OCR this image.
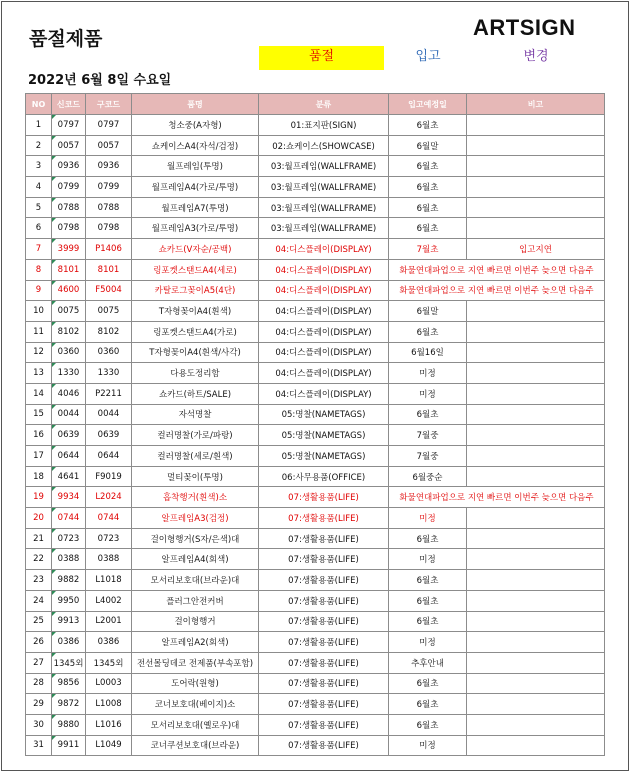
품절제품	ARTSIGN
품절	입고	변경
2022년 6월 8일 수요일
NO	신코드	구코드	품명	분류	입고예정일	비고
1	0797	0797	청소중(A자형)	01:표지판(SIGN)	6월초	
2	0057	0057	쇼케이스A4(자석/검정)	02:쇼케이스(SHOWCASE)	6월말	
3	0936	0936	월프레임(투명)	03:월프레임(WALLFRAME)	6월초	
4	0799	0799	월프레임A4(가로/투명)	03:월프레임(WALLFRAME)	6월초	
5	0788	0788	월프레임A7(투명)	03:월프레임(WALLFRAME)	6월초	
6	0798	0798	월프레임A3(가로/투명)	03:월프레임(WALLFRAME)	6월초	
7	3999	P1406	쇼카드(V자순/공백)	04:디스플레이(DISPLAY)	7월초	입고지연
8	8101	8101	링포켓스탠드A4(세로)	04:디스플레이(DISPLAY)	화물연대파업으로 지연 빠르면 이번주 늦으면 다음주	
9	4600	F5004	카탈로그꽂이A5(4단)	04:디스플레이(DISPLAY)	화물연대파업으로 지연 빠르면 이번주 늦으면 다음주	
10	0075	0075	T자형꽂이A4(흰색)	04:디스플레이(DISPLAY)	6월말	
11	8102	8102	링포켓스탠드A4(가로)	04:디스플레이(DISPLAY)	6월초	
12	0360	0360	T자형꽂이A4(흰색/사각)	04:디스플레이(DISPLAY)	6월16일	
13	1330	1330	다용도정리함	04:디스플레이(DISPLAY)	미정	
14	4046	P2211	쇼카드(하트/SALE)	04:디스플레이(DISPLAY)	미정	
15	0044	0044	자석명찰	05:명찰(NAMETAGS)	6월초	
16	0639	0639	컬러명찰(가로/파랑)	05:명찰(NAMETAGS)	7월중	
17	0644	0644	컬러명찰(세로/흰색)	05:명찰(NAMETAGS)	7월중	
18	4641	F9019	멀티꽂이(투명)	06:사무용품(OFFICE)	6월중순	
19	9934	L2024	흡착행거(흰색)소	07:생활용품(LIFE)	화물연대파업으로 지연 빠르면 이번주 늦으면 다음주	
20	0744	0744	알프레임A3(검정)	07:생활용품(LIFE)	미정	
21	0723	0723	걸이형행거(S자/은색)대	07:생활용품(LIFE)	6월초	
22	0388	0388	알프레임A4(회색)	07:생활용품(LIFE)	미정	
23	9882	L1018	모서리보호대(브라운)대	07:생활용품(LIFE)	6월초	
24	9950	L4002	플러그안전커버	07:생활용품(LIFE)	6월초	
25	9913	L2001	걸이형행거	07:생활용품(LIFE)	6월초	
26	0386	0386	알프레임A2(회색)	07:생활용품(LIFE)	미정	
27	1345외	1345외	전선몰딩데코 전제품(부속포함)	07:생활용품(LIFE)	추후안내	
28	9856	L0003	도어락(원형)	07:생활용품(LIFE)	6월초	
29	9872	L1008	코너보호대(베이지)소	07:생활용품(LIFE)	6월초	
30	9880	L1016	모서리보호대(옐로우)대	07:생활용품(LIFE)	6월초	
31	9911	L1049	코너쿠션보호대(브라운)	07:생활용품(LIFE)	미정	
